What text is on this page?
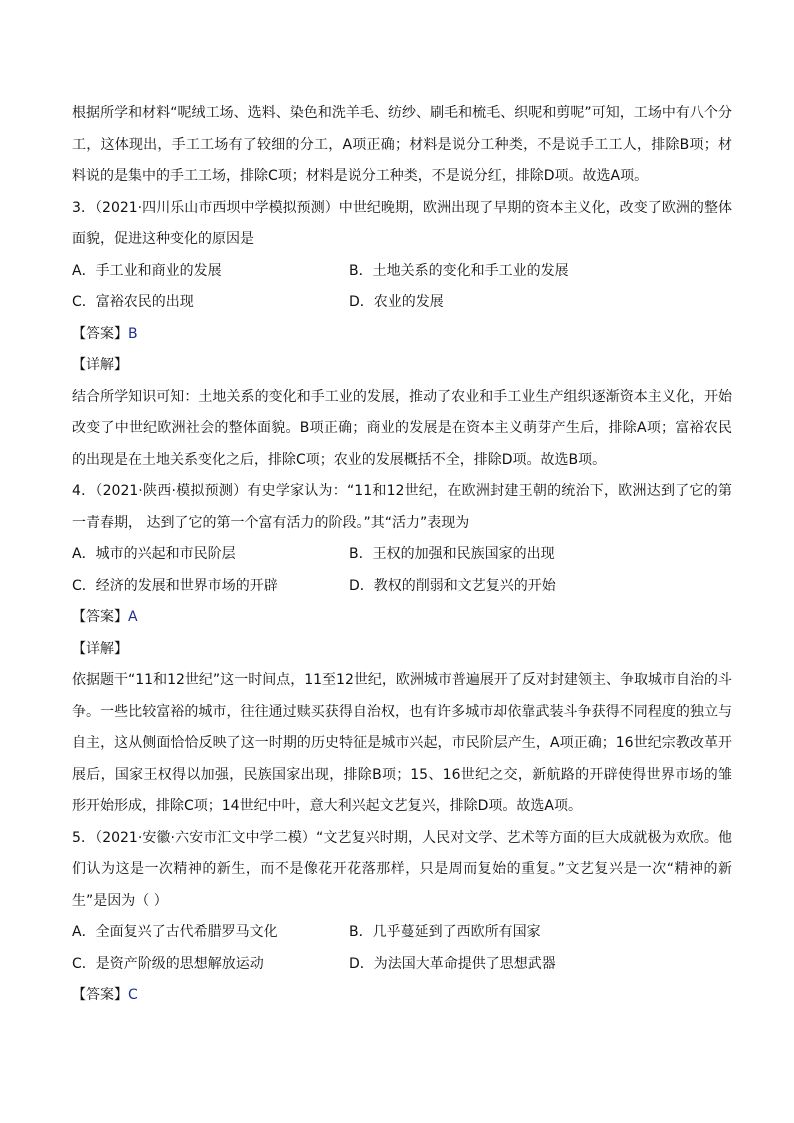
根据所学和材料“呢绒工场、选料、染色和洗羊毛、纺纱、刷毛和梳毛、织呢和剪呢”可知，工场中有八个分工，这体现出，手工工场有了较细的分工，A项正确；材料是说分工种类，不是说手工工人，排除B项；材料说的是集中的手工工场，排除C项；材料是说分工种类，不是说分红，排除D项。故选A项。

3．（2021·四川乐山市西坝中学模拟预测）中世纪晚期，欧洲出现了早期的资本主义化，改变了欧洲的整体面貌，促进这种变化的原因是

A．手工业和商业的发展	B．土地关系的变化和手工业的发展
C．富裕农民的出现	D．农业的发展

【答案】B

【详解】

结合所学知识可知：土地关系的变化和手工业的发展，推动了农业和手工业生产组织逐渐资本主义化，开始改变了中世纪欧洲社会的整体面貌。B项正确；商业的发展是在资本主义萌芽产生后，排除A项；富裕农民的出现是在土地关系变化之后，排除C项；农业的发展概括不全，排除D项。故选B项。

4．（2021·陕西·模拟预测）有史学家认为：“11和12世纪，在欧洲封建王朝的统治下，欧洲达到了它的第一青春期， 达到了它的第一个富有活力的阶段。”其“活力”表现为

A．城市的兴起和市民阶层	B．王权的加强和民族国家的出现
C．经济的发展和世界市场的开辟	D．教权的削弱和文艺复兴的开始

【答案】A

【详解】

依据题干“11和12世纪”这一时间点，11至12世纪，欧洲城市普遍展开了反对封建领主、争取城市自治的斗争。一些比较富裕的城市，往往通过赎买获得自治权，也有许多城市却依靠武装斗争获得不同程度的独立与自主，这从侧面恰恰反映了这一时期的历史特征是城市兴起，市民阶层产生，A项正确；16世纪宗教改革开展后，国家王权得以加强，民族国家出现，排除B项；15、16世纪之交，新航路的开辟使得世界市场的雏形开始形成，排除C项；14世纪中叶，意大利兴起文艺复兴，排除D项。故选A项。

5．（2021·安徽·六安市汇文中学二模）“文艺复兴时期，人民对文学、艺术等方面的巨大成就极为欢欣。他们认为这是一次精神的新生，而不是像花开花落那样，只是周而复始的重复。”文艺复兴是一次“精神的新生”是因为（ ）

A．全面复兴了古代希腊罗马文化	B．几乎蔓延到了西欧所有国家
C．是资产阶级的思想解放运动	D．为法国大革命提供了思想武器

【答案】C
